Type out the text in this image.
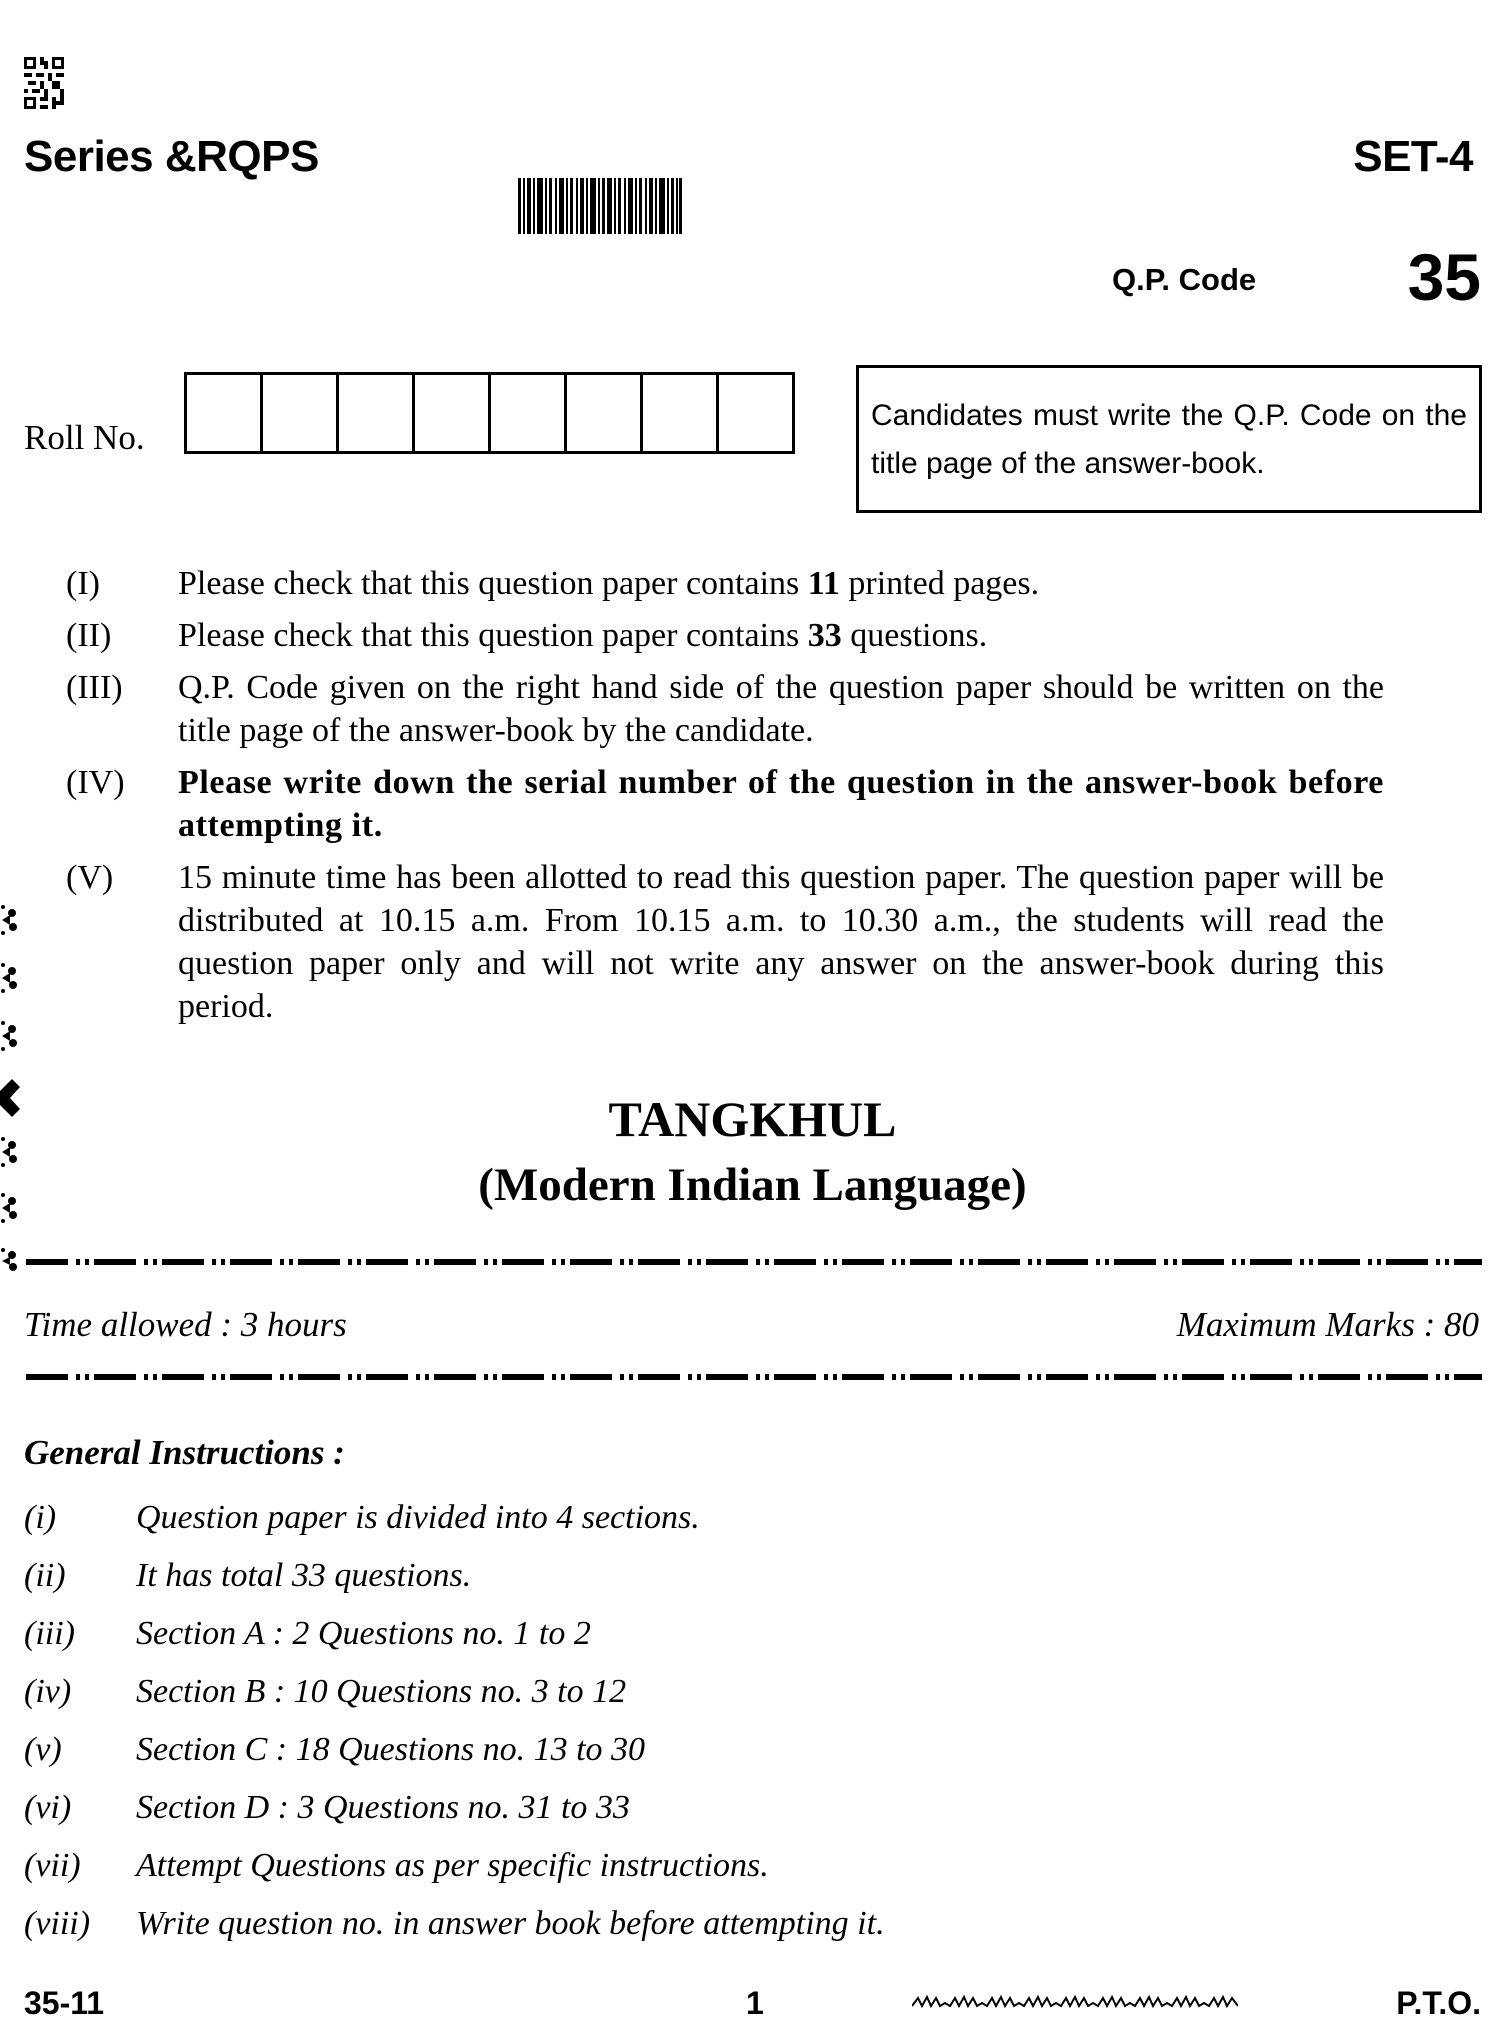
Series &RQPS	SET-4
Q.P. Code 35
Roll No.
Candidates must write the Q.P. Code on the title page of the answer-book.
(I)	Please check that this question paper contains 11 printed pages.
(II)	Please check that this question paper contains 33 questions.
(III)	Q.P. Code given on the right hand side of the question paper should be written on the title page of the answer-book by the candidate.
(IV)	Please write down the serial number of the question in the answer-book before attempting it.
(V)	15 minute time has been allotted to read this question paper. The question paper will be distributed at 10.15 a.m. From 10.15 a.m. to 10.30 a.m., the students will read the question paper only and will not write any answer on the answer-book during this period.
TANGKHUL
(Modern Indian Language)
Time allowed : 3 hours	Maximum Marks : 80
General Instructions :
(i)	Question paper is divided into 4 sections.
(ii)	It has total 33 questions.
(iii)	Section A : 2 Questions no. 1 to 2
(iv)	Section B : 10 Questions no. 3 to 12
(v)	Section C : 18 Questions no. 13 to 30
(vi)	Section D : 3 Questions no. 31 to 33
(vii)	Attempt Questions as per specific instructions.
(viii)	Write question no. in answer book before attempting it.
35-11	1	P.T.O.
